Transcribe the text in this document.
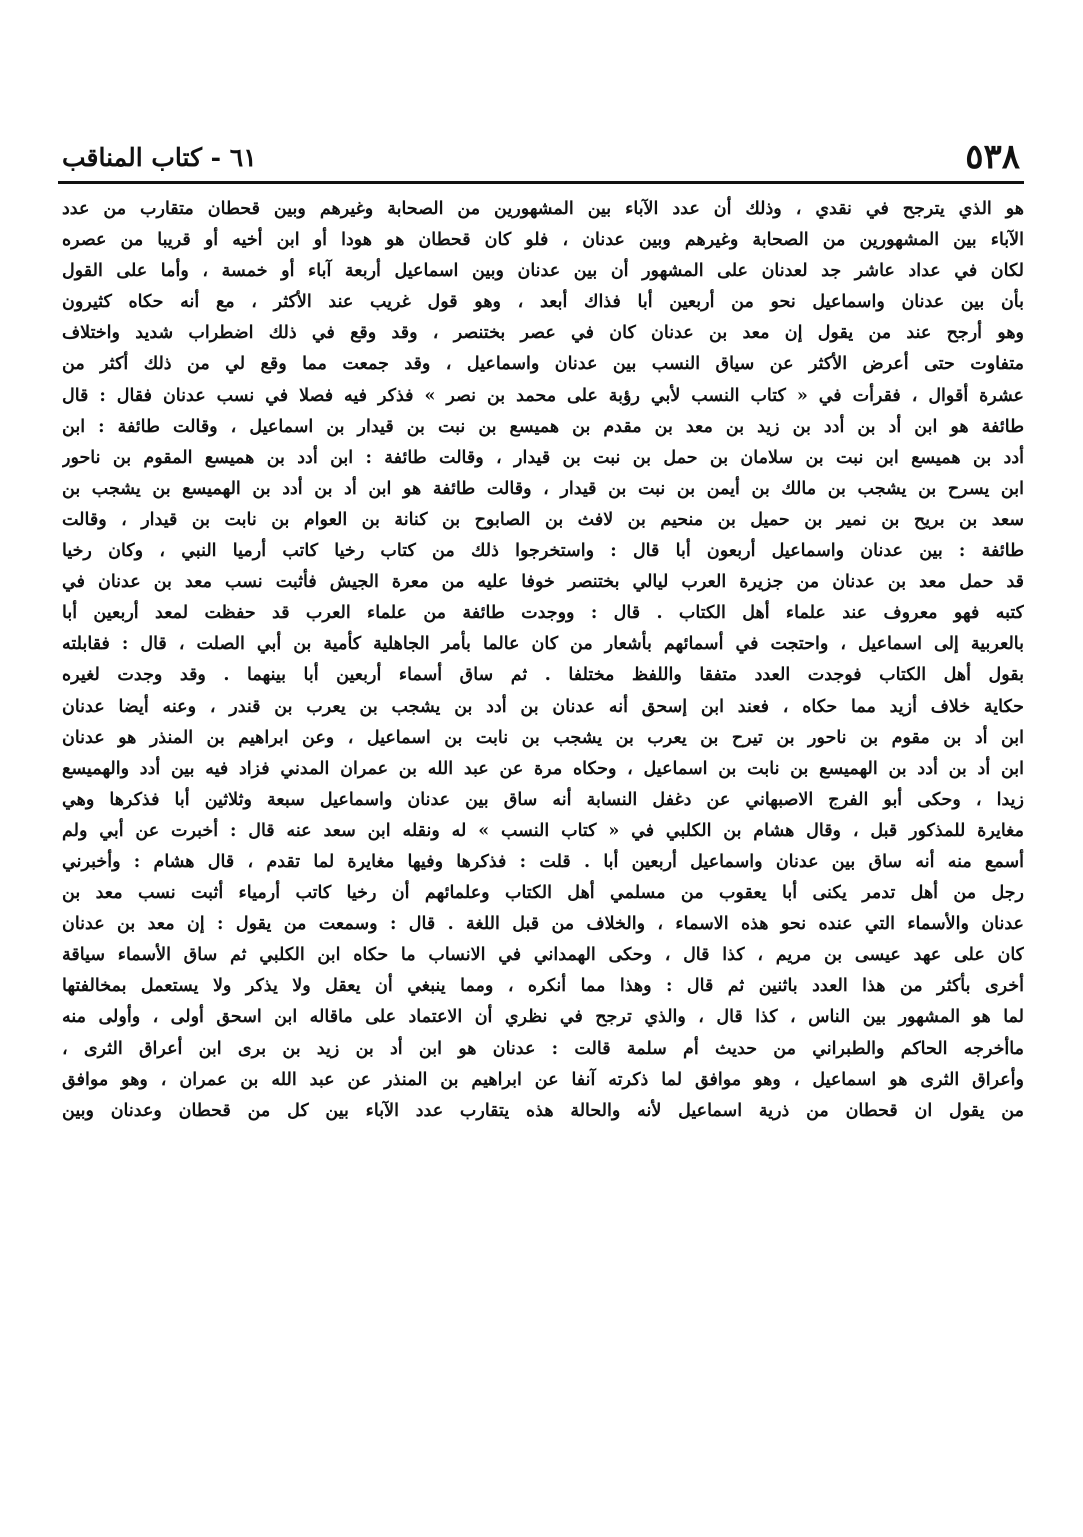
٥٣٨
٦١ - كتاب المناقب
هو الذي يترجح في نقدي ، وذلك أن عدد الآباء بين المشهورين من الصحابة وغيرهم وبين قحطان متقارب من عدد
الآباء بين المشهورين من الصحابة وغيرهم وبين عدنان ، فلو كان قحطان هو هودا أو ابن أخيه أو قريبا من عصره
لكان في عداد عاشر جد لعدنان على المشهور أن بين عدنان وبين اسماعيل أربعة آباء أو خمسة ، وأما على القول
بأن بين عدنان واسماعيل نحو من أربعين أبا فذاك أبعد ، وهو قول غريب عند الأكثر ، مع أنه حكاه كثيرون
وهو أرجح عند من يقول إن معد بن عدنان كان في عصر بختنصر ، وقد وقع في ذلك اضطراب شديد واختلاف
متفاوت حتى أعرض الأكثر عن سياق النسب بين عدنان واسماعيل ، وقد جمعت مما وقع لي من ذلك أكثر من
عشرة أقوال ، فقرأت في « كتاب النسب لأبي رؤبة على محمد بن نصر » فذكر فيه فصلا في نسب عدنان فقال : قال
طائفة هو ابن أد بن أدد بن زيد بن معد بن مقدم بن هميسع بن نبت بن قيدار بن اسماعيل ، وقالت طائفة : ابن
أدد بن هميسع ابن نبت بن سلامان بن حمل بن نبت بن قيدار ، وقالت طائفة : ابن أدد بن هميسع المقوم بن ناحور
ابن يسرح بن يشجب بن مالك بن أيمن بن نبت بن قيدار ، وقالت طائفة هو ابن أد بن أدد بن الهميسع بن يشجب بن
سعد بن بريح بن نمير بن حميل بن منحيم بن لافث بن الصابوح بن كنانة بن العوام بن نابت بن قيدار ، وقالت
طائفة : بين عدنان واسماعيل أربعون أبا قال : واستخرجوا ذلك من كتاب رخيا كاتب أرميا النبي ، وكان رخيا
قد حمل معد بن عدنان من جزيرة العرب ليالي بختنصر خوفا عليه من معرة الجيش فأثبت نسب معد بن عدنان في
كتبه فهو معروف عند علماء أهل الكتاب . قال : ووجدت طائفة من علماء العرب قد حفظت لمعد أربعين أبا
بالعربية إلى اسماعيل ، واحتجت في أسمائهم بأشعار من كان عالما بأمر الجاهلية كأمية بن أبي الصلت ، قال : فقابلته
بقول أهل الكتاب فوجدت العدد متفقا واللفظ مختلفا . ثم ساق أسماء أربعين أبا بينهما . وقد وجدت لغيره
حكاية خلاف أزيد مما حكاه ، فعند ابن إسحق أنه عدنان بن أدد بن يشجب بن يعرب بن قندر ، وعنه أيضا عدنان
ابن أد بن مقوم بن ناحور بن تيرح بن يعرب بن يشجب بن نابت بن اسماعيل ، وعن ابراهيم بن المنذر هو عدنان
ابن أد بن أدد بن الهميسع بن نابت بن اسماعيل ، وحكاه مرة عن عبد الله بن عمران المدني فزاد فيه بين أدد والهميسع
زيدا ، وحكى أبو الفرج الاصبهاني عن دغفل النسابة أنه ساق بين عدنان واسماعيل سبعة وثلاثين أبا فذكرها وهي
مغايرة للمذكور قبل ، وقال هشام بن الكلبي في « كتاب النسب » له ونقله ابن سعد عنه قال : أخبرت عن أبي ولم
أسمع منه أنه ساق بين عدنان واسماعيل أربعين أبا . قلت : فذكرها وفيها مغايرة لما تقدم ، قال هشام : وأخبرني
رجل من أهل تدمر يكنى أبا يعقوب من مسلمي أهل الكتاب وعلمائهم أن رخيا كاتب أرمياء أثبت نسب معد بن
عدنان والأسماء التي عنده نحو هذه الاسماء ، والخلاف من قبل اللغة . قال : وسمعت من يقول : إن معد بن عدنان
كان على عهد عيسى بن مريم ، كذا قال ، وحكى الهمداني في الانساب ما حكاه ابن الكلبي ثم ساق الأسماء سياقة
أخرى بأكثر من هذا العدد باثنين ثم قال : وهذا مما أنكره ، ومما ينبغي أن يعقل ولا يذكر ولا يستعمل بمخالفتها
لما هو المشهور بين الناس ، كذا قال ، والذي ترجح في نظري أن الاعتماد على ماقاله ابن اسحق أولى ، وأولى منه
ماأخرجه الحاكم والطبراني من حديث أم سلمة قالت : عدنان هو ابن أد بن زيد بن برى ابن أعراق الثرى ،
وأعراق الثرى هو اسماعيل ، وهو موافق لما ذكرته آنفا عن ابراهيم بن المنذر عن عبد الله بن عمران ، وهو موافق
من يقول ان قحطان من ذرية اسماعيل لأنه والحالة هذه يتقارب عدد الآباء بين كل من قحطان وعدنان وبين
